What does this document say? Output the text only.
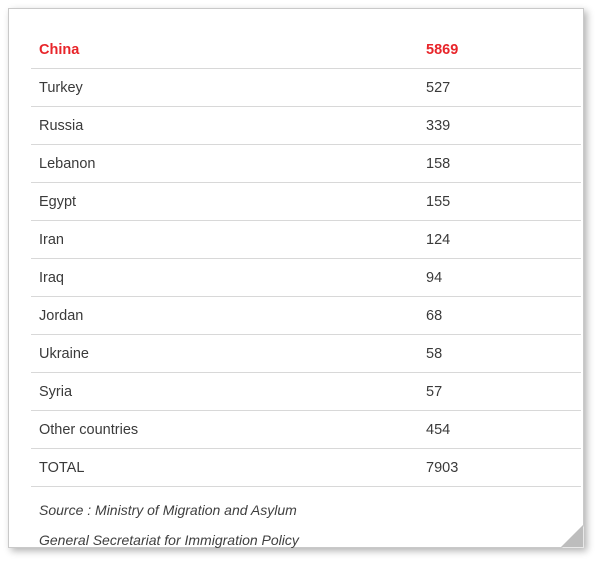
China	5869
Turkey	527
Russia	339
Lebanon	158
Egypt	155
Iran	124
Iraq	94
Jordan	68
Ukraine	58
Syria	57
Other countries	454
TOTAL	7903
Source : Ministry of Migration and Asylum	
General Secretariat for Immigration Policy	
